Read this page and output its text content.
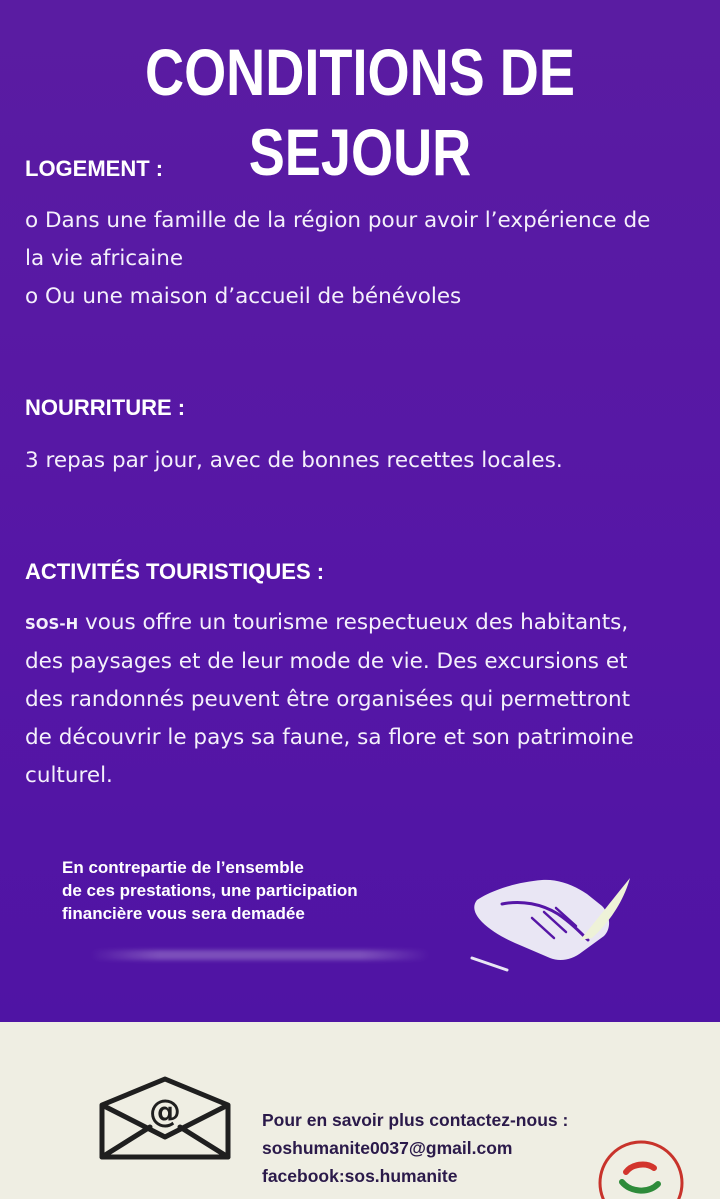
CONDITIONS DE SEJOUR
LOGEMENT :

o Dans une famille de la région pour avoir l’expérience de

la vie africaine

o Ou une maison d’accueil de bénévoles

NOURRITURE :

3 repas par jour, avec de bonnes recettes locales.

ACTIVITÉS TOURISTIQUES :

SOS-H vous offre un tourisme respectueux des habitants,

des paysages et de leur mode de vie. Des excursions et

des randonnés peuvent être organisées qui permettront

de découvrir le pays sa faune, sa flore et son patrimoine

culturel.

En contrepartie de l’ensemble
de ces prestations, une participation
financière vous sera demadée
@	Pour en savoir plus contactez-nous :
soshumanite0037@gmail.com
facebook:sos.humanite
